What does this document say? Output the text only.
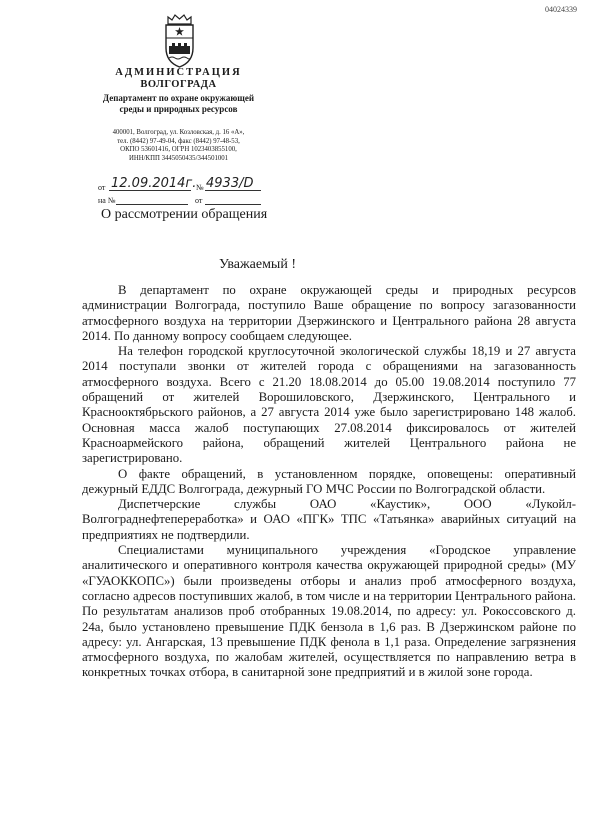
04024339
АДМИНИСТРАЦИЯ
ВОЛГОГРАДА
Департамент по охране окружающей
среды и природных ресурсов
400001, Волгоград, ул. Козловская, д. 16 «А»,
тел. (8442) 97-49-04, факс (8442) 97-48-53,
ОКПО 53601416, ОГРН 1023403855100,
ИНН/КПП 3445050435/344501001
от 12.09.2014г. № 4933/D
на №	от
О рассмотрении обращения
Уважаемый !

В департамент по охране окружающей среды и природных ресурсов администрации Волгограда, поступило Ваше обращение по вопросу загазованности атмосферного воздуха на территории Дзержинского и Центрального района 28 августа 2014. По данному вопросу сообщаем следующее.

На телефон городской круглосуточной экологической службы 18,19 и 27 августа 2014 поступали звонки от жителей города с обращениями на загазованность атмосферного воздуха. Всего с 21.20 18.08.2014 до 05.00 19.08.2014 поступило 77 обращений от жителей Ворошиловского, Дзержинского, Центрального и Краснооктябрьского районов, а 27 августа 2014 уже было зарегистрировано 148 жалоб. Основная масса жалоб поступающих 27.08.2014 фиксировалось от жителей Красноармейского района, обращений жителей Центрального района не зарегистрировано.

О факте обращений, в установленном порядке, оповещены: оперативный дежурный ЕДДС Волгограда, дежурный ГО МЧС России по Волгоградской области.

Диспетчерские службы ОАО «Каустик», ООО «Лукойл-Волгограднефтепереработка» и ОАО «ПГК» ТПС «Татьянка» аварийных ситуаций на предприятиях не подтвердили.

Специалистами муниципального учреждения «Городское управление аналитического и оперативного контроля качества окружающей природной среды» (МУ «ГУАОККОПС») были произведены отборы и анализ проб атмосферного воздуха, согласно адресов поступивших жалоб, в том числе и на территории Центрального района. По результатам анализов проб отобранных 19.08.2014, по адресу: ул. Рокоссовского д. 24а, было установлено превышение ПДК бензола в 1,6 раз. В Дзержинском районе по адресу: ул. Ангарская, 13 превышение ПДК фенола в 1,1 раза. Определение загрязнения атмосферного воздуха, по жалобам жителей, осуществляется по направлению ветра в конкретных точках отбора, в санитарной зоне предприятий и в жилой зоне города.
